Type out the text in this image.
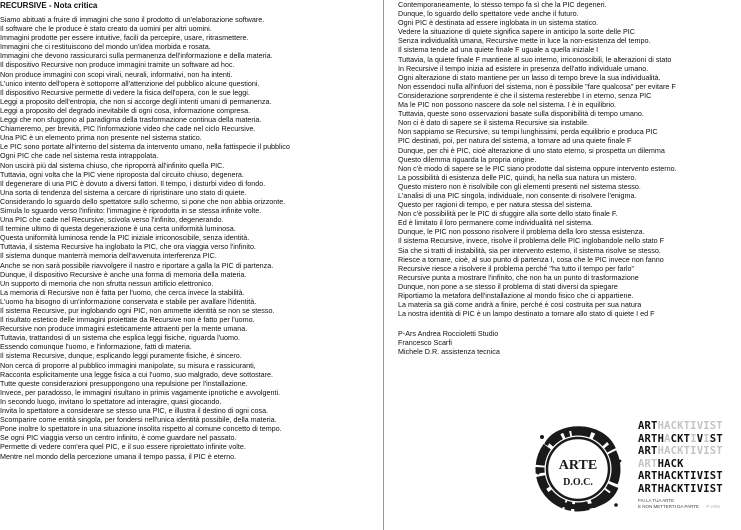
RECURSIVE - Nota critica
Siamo abituati a fruire di immagini che sono il prodotto di un'elaborazione software.
Il software che le produce è stato creato da uomini per altri uomini.
Immagini prodotte per essere intuitive, facili da percepire, usare, ritrasmettere.
Immagini che ci restituiscono del mondo un'idea morbida e rosata.
Immagini che devono rassicurarci sulla permanenza dell'informazione e della materia.
Il dispositivo Recursive non produce immagini tramite un software ad hoc.
Non produce immagini con scopi virali, neurali, informativi, non ha intenti.
L'unico intento dell'opera è sottoporre all'attenzione del pubblico alcune questioni.
Il dispositivo Recursive permette di vedere la fisica dell'opera, con le sue leggi.
Leggi a proposito dell'entropia, che non si accorge degli intenti umani di permanenza.
Leggi a proposito del degrado inevitabile di ogni cosa, informazione compresa.
Leggi che non sfuggono al paradigma della trasformazione continua della materia.
Chiameremo, per brevità, PIC l'informazione video che cade nel ciclo Recursive.
Una PIC è un elemento prima non presente nel sistema statico.
Le PIC sono portate all'interno del sistema da intervento umano, nella fattispecie il pubblico
Ogni PIC che cade nel sistema resta intrappolata.
Non uscirà più dal sistema chiuso, che riproporrà all'infinito quella PIC.
Tuttavia, ogni volta che la PIC viene riproposta dal circuito chiuso, degenera.
Il degenerare di una PIC è dovuto a diversi fattori. Il tempo, i disturbi video di fondo.
Una sorta di tendenza del sistema a cercare di ripristinare uno stato di quiete.
Considerando lo sguardo dello spettatore sullo schermo, si pone che non abbia orizzonte.
Simula lo sguardo verso l'infinito: l'immagine è riprodotta in se stessa infinite volte.
Una PIC che cade nel Recursive, scivola verso l'infinito, degenerando.
Il termine ultimo di questa degenerazione è una certa uniformità luminosa.
Questa uniformità luminosa rende la PIC iniziale irriconoscibile, senza identità.
Tuttavia, il sistema Recursive ha inglobato la PIC, che ora viaggia verso l'infinito.
Il sistema dunque manterrà memoria dell'avvenuta interferenza PIC.
Anche se non sarà possibile riavvolgere il nastro e riportare a galla la PIC di partenza.
Dunque, il dispositivo Recursive è anche una forma di memoria della materia.
Un supporto di memoria che non sfrutta nessun artificio elettronico.
La memoria di Recursive non è fatta per l'uomo, che cerca invece la stabilità.
L'uomo ha bisogno di un'informazione conservata e stabile per avallare l'identità.
Il sistema Recursive, pur inglobando ogni PIC, non ammette identità se non se stesso.
Il risultato estetico delle immagini proiettate da Recursive non è fatto per l'uomo.
Recursive non produce immagini esteticamente attraenti per la mente umana.
Tuttavia, trattandosi di un sistema che esplica leggi fisiche, riguarda l'uomo.
Essendo comunque l'uomo, e l'informazione, fatti di materia.
Il sistema Recursive, dunque, esplicando leggi puramente fisiche, è sincero.
Non cerca di proporre al pubblico immagini manipolate, su misura e rassicuranti,
Racconta esplicitamente una legge fisica a cui l'uomo, suo malgrado, deve sottostare.
Tutte queste considerazioni presuppongono una repulsione per l'installazione.
Invece, per paradosso, le immagini risultano in primis vagamente ipnotiche e avvolgenti.
In secondo luogo, invitano lo spettatore ad interagire, quasi giocando.
Invita lo spettatore a considerare se stesso una PIC, e illustra il destino di ogni cosa.
Scomparire come entità singola, per fondersi nell'unica identità possibile, della materia.
Pone inoltre lo spettatore in una situazione insolita rispetto al comune concetto di tempo.
Se ogni PIC viaggia verso un centro infinito, è come guardare nel passato.
Permette di vedere com'era quel PIC, e il suo essere riproiettato infinite volte.
Mentre nel mondo della percezione umana il tempo passa, il PIC è eterno.
Contemporaneamente, lo stesso tempo fa sì che la PIC degeneri.
Dunque, lo sguardo dello spettatore vede anche il futuro.
Ogni PIC è destinata ad essere inglobata in un sistema statico.
Vedere la situazione di quiete significa sapere in anticipo la sorte delle PIC
Senza individualità umana, Recursive mette in luce la non-esistenza del tempo.
Il sistema tende ad una quiete finale F uguale a quella iniziale I
Tuttavia, la quiete finale F mantiene al suo interno, irriconoscibili, le alterazioni di stato
In Recursive il tempo inizia ad esistere in presenza dell'atto individuale umano.
Ogni alterazione di stato mantiene per un lasso di tempo breve la sua individualità.
Non essendoci nulla all'infuori del sistema, non è possibile "fare qualcosa" per evitare F
Considerazione sorprendente è che il sistema resterebbe I in eterno, senza PIC
Ma le PIC non possono nascere da sole nel sistema. I è in equilibrio.
Tuttavia, queste sono osservazioni basate sulla disponibilità di tempo umano.
Non ci è dato di sapere se il sistema Recursive sia instabile.
Non sappiamo se Recursive, su tempi lunghissimi, perda equilibrio e produca PIC
PIC destinati, poi, per natura del sistema, a tornare ad una quiete finale F
Dunque, per chi è PIC, cioè alterazione di uno stato eterno, si prospetta un dilemma
Questo dilemma riguarda la propria origine.
Non c'è modo di sapere se le PIC siano prodotte dal sistema oppure intervento esterno.
La possibilità di esistenza delle PIC, quindi, ha nella sua natura un mistero.
Questo mistero non è risolvibile con gli elementi presenti nel sistema stesso.
L'analisi di una PIC singola, individuale, non consente di risolvere l'enigma.
Questo per ragioni di tempo, e per natura stessa del sistema.
Non c'è possibilità per le PIC di sfuggire alla sorte dello stato finale F.
Ed è limitato il loro permanere come individualità nel sistema.
Dunque, le PIC non possono risolvere il problema della loro stessa esistenza.
Il sistema Recursive, invece, risolve il problema delle PIC inglobandole nello stato F
Sia che si tratti di instabilità, sia per intervento esterno, il sistema risolve se stesso.
Riesce a tornare, cioè, al suo punto di partenza I, cosa che le PIC invece non fanno
Recursive riesce a risolvere il problema perché "ha tutto il tempo per farlo"
Recursive punta a mostrare l'infinito, che non ha un punto di trasformazione
Dunque, non pone a se stesso il problema di stati diversi da spiegare
Riportiamo la metafora dell'installazione al mondo fisico che ci appartiene.
La materia sa già come andrà a finire, perché è così costruita per sua natura
La nostra identità di PIC è un lampo destinato a tornare allo stato di quiete I ed F
P-Ars Andrea Roccioletti Studio
Francesco Scarfi
Michele D.R. assistenza tecnica
ARTE
D.O.C.
ARTHACKTIVIST
ARTHACKTIVIST
ARTHACKTIVIST
ARTHACK
ARTHACKTIVIST
ARTHACKTIVIST
FAI LA TUA ARTE
E NON METTERTI DA PARTE P-ARS
